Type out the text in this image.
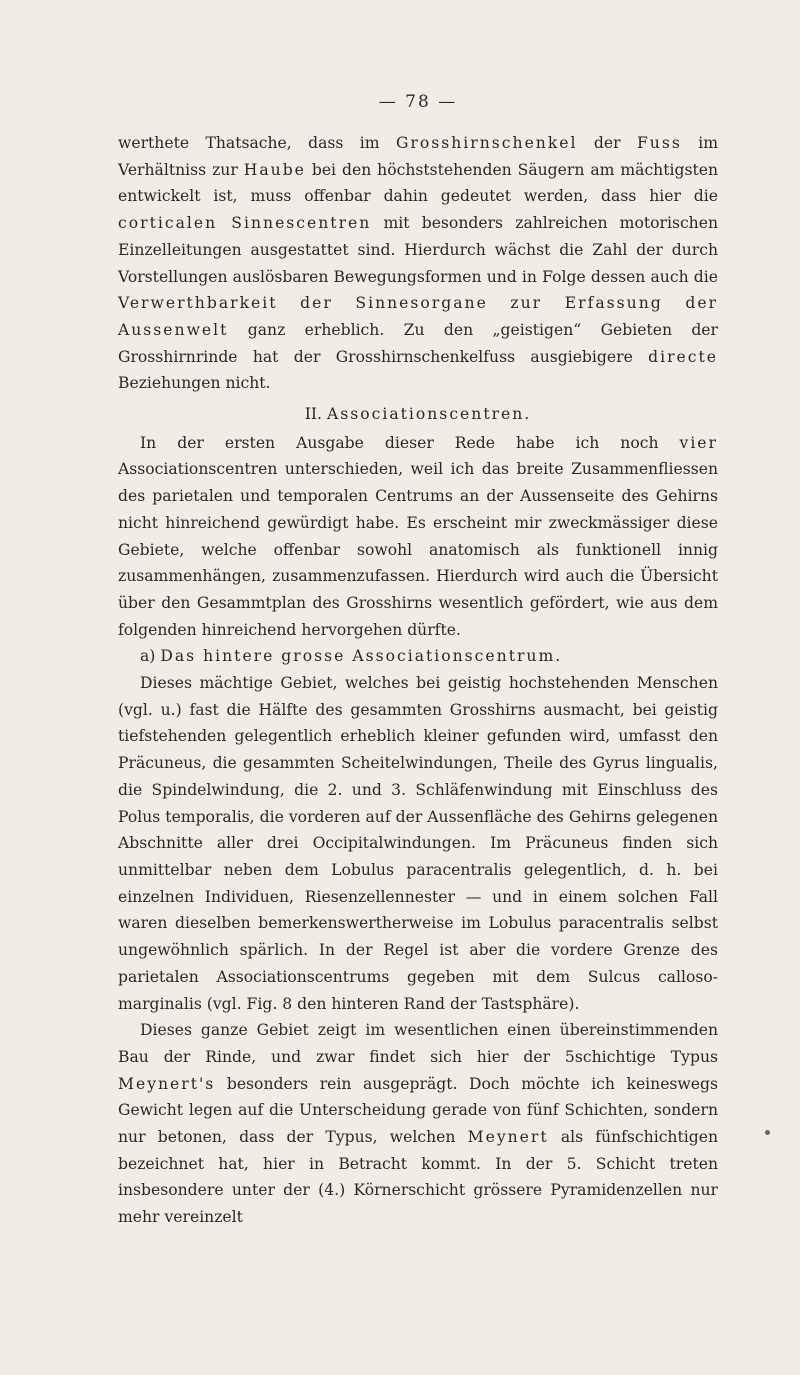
— 78 —

werthete Thatsache, dass im Grosshirnschenkel der Fuss im Verhältniss zur Haube bei den höchststehenden Säugern am mächtigsten entwickelt ist, muss offenbar dahin gedeutet werden, dass hier die corticalen Sinnescentren mit besonders zahlreichen motorischen Einzelleitungen ausgestattet sind. Hierdurch wächst die Zahl der durch Vorstellungen auslösbaren Bewegungsformen und in Folge dessen auch die Verwerthbarkeit der Sinnesorgane zur Erfassung der Aussenwelt ganz erheblich. Zu den „geistigen“ Gebieten der Grosshirnrinde hat der Grosshirnschenkelfuss ausgiebigere directe Beziehungen nicht.

II. Associationscentren.

In der ersten Ausgabe dieser Rede habe ich noch vier Associationscentren unterschieden, weil ich das breite Zusammenfliessen des parietalen und temporalen Centrums an der Aussenseite des Gehirns nicht hinreichend gewürdigt habe. Es erscheint mir zweckmässiger diese Gebiete, welche offenbar sowohl anatomisch als funktionell innig zusammenhängen, zusammenzufassen. Hierdurch wird auch die Übersicht über den Gesammtplan des Grosshirns wesentlich gefördert, wie aus dem folgenden hinreichend hervorgehen dürfte.

a) Das hintere grosse Associationscentrum.

Dieses mächtige Gebiet, welches bei geistig hochstehenden Menschen (vgl. u.) fast die Hälfte des gesammten Grosshirns ausmacht, bei geistig tiefstehenden gelegentlich erheblich kleiner gefunden wird, umfasst den Präcuneus, die gesammten Scheitelwindungen, Theile des Gyrus lingualis, die Spindelwindung, die 2. und 3. Schläfenwindung mit Einschluss des Polus temporalis, die vorderen auf der Aussenfläche des Gehirns gelegenen Abschnitte aller drei Occipitalwindungen. Im Präcuneus finden sich unmittelbar neben dem Lobulus paracentralis gelegentlich, d. h. bei einzelnen Individuen, Riesenzellennester — und in einem solchen Fall waren dieselben bemerkenswertherweise im Lobulus paracentralis selbst ungewöhnlich spärlich. In der Regel ist aber die vordere Grenze des parietalen Associationscentrums gegeben mit dem Sulcus calloso-marginalis (vgl. Fig. 8 den hinteren Rand der Tastsphäre).

Dieses ganze Gebiet zeigt im wesentlichen einen übereinstimmenden Bau der Rinde, und zwar findet sich hier der 5schichtige Typus Meynert's besonders rein ausgeprägt. Doch möchte ich keineswegs Gewicht legen auf die Unterscheidung gerade von fünf Schichten, sondern nur betonen, dass der Typus, welchen Meynert als fünfschichtigen bezeichnet hat, hier in Betracht kommt. In der 5. Schicht treten insbesondere unter der (4.) Körnerschicht grössere Pyramidenzellen nur mehr vereinzelt
